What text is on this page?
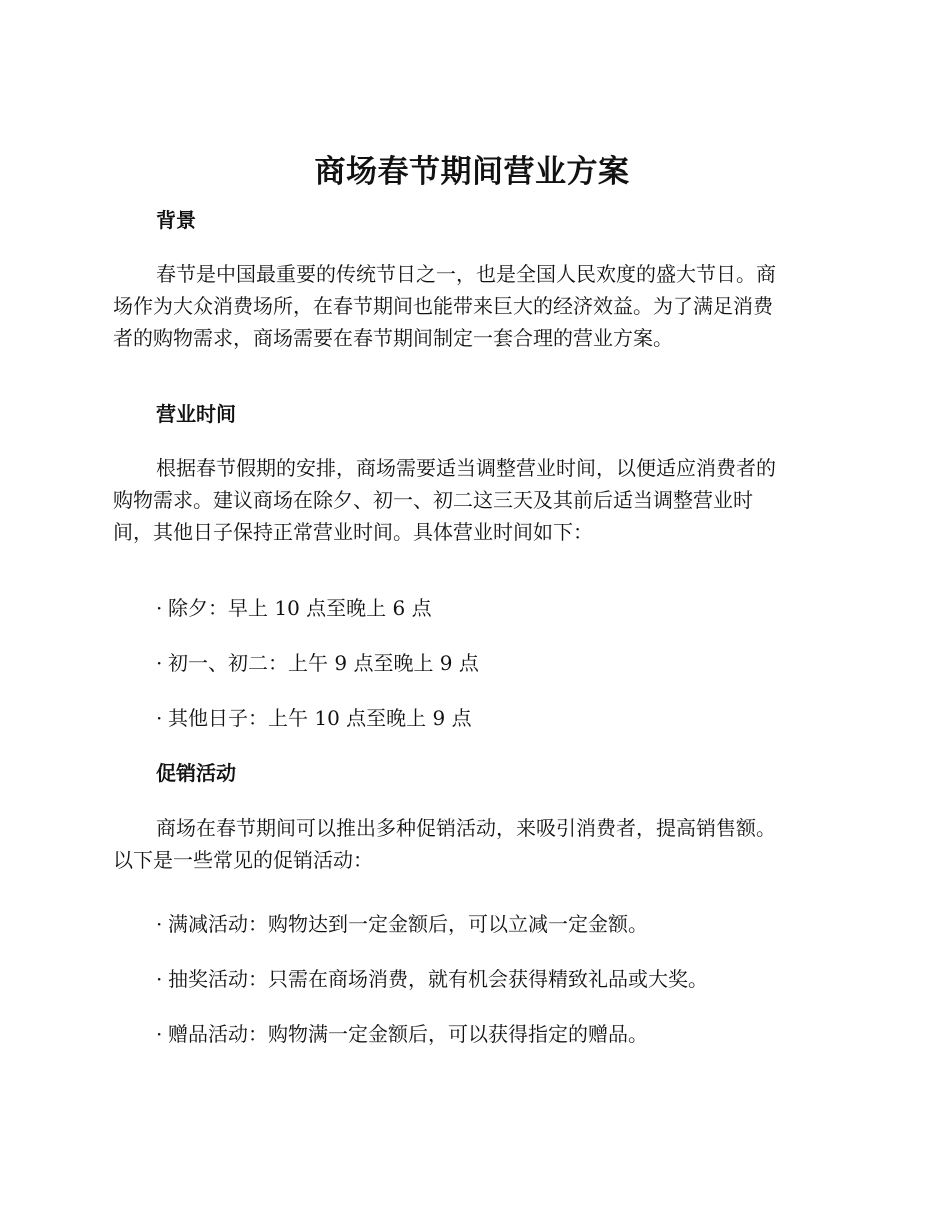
商场春节期间营业方案
背景
春节是中国最重要的传统节日之一，也是全国人民欢度的盛大节日。商
场作为大众消费场所，在春节期间也能带来巨大的经济效益。为了满足消费
者的购物需求，商场需要在春节期间制定一套合理的营业方案。
营业时间
根据春节假期的安排，商场需要适当调整营业时间，以便适应消费者的
购物需求。建议商场在除夕、初一、初二这三天及其前后适当调整营业时
间，其他日子保持正常营业时间。具体营业时间如下：
· 除夕：早上 10 点至晚上 6 点
· 初一、初二：上午 9 点至晚上 9 点
· 其他日子：上午 10 点至晚上 9 点
促销活动
商场在春节期间可以推出多种促销活动，来吸引消费者，提高销售额。
以下是一些常见的促销活动：
· 满减活动：购物达到一定金额后，可以立减一定金额。
· 抽奖活动：只需在商场消费，就有机会获得精致礼品或大奖。
· 赠品活动：购物满一定金额后，可以获得指定的赠品。
